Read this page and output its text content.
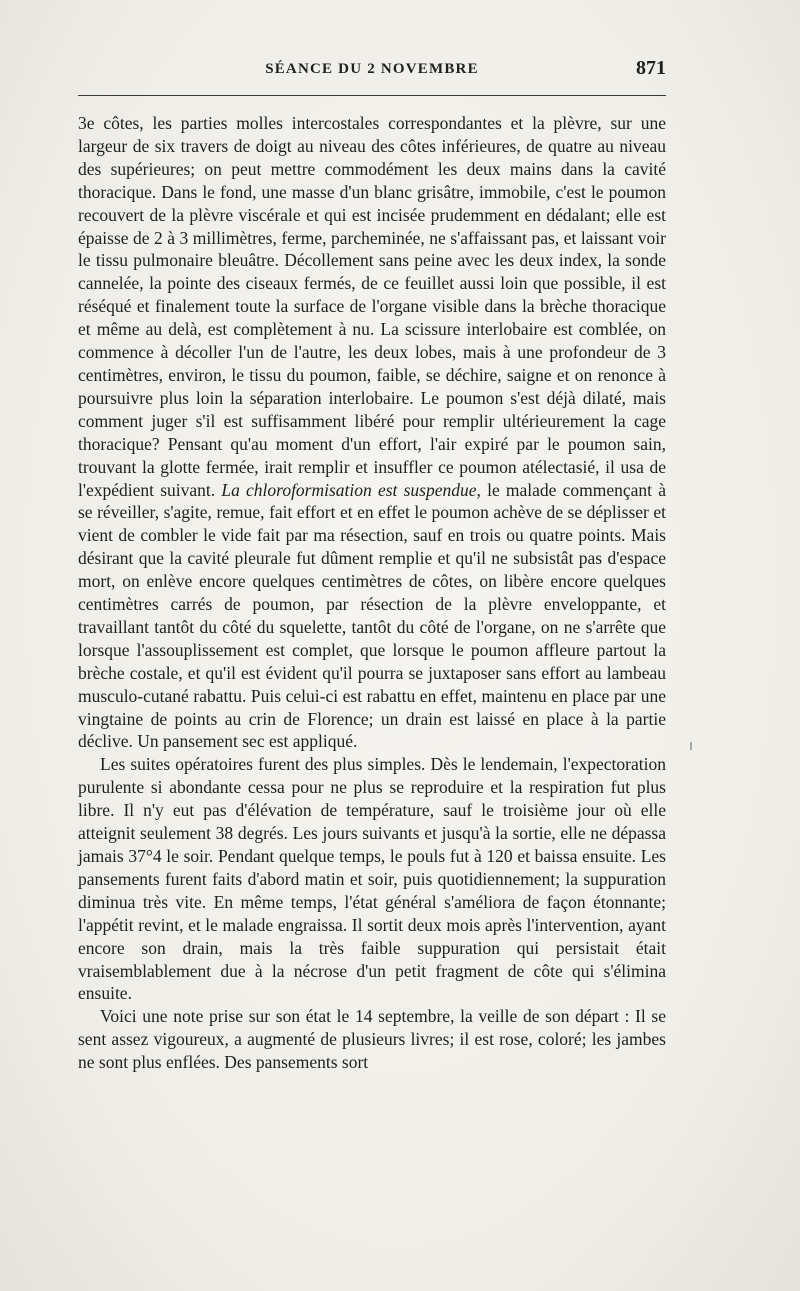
SÉANCE DU 2 NOVEMBRE	871

3e côtes, les parties molles intercostales correspondantes et la plèvre, sur une largeur de six travers de doigt au niveau des côtes inférieures, de quatre au niveau des supérieures; on peut mettre commodément les deux mains dans la cavité thoracique. Dans le fond, une masse d'un blanc grisâtre, immobile, c'est le poumon recouvert de la plèvre viscérale et qui est incisée prudemment en dédalant; elle est épaisse de 2 à 3 millimètres, ferme, parcheminée, ne s'affaissant pas, et laissant voir le tissu pulmonaire bleuâtre. Décollement sans peine avec les deux index, la sonde cannelée, la pointe des ciseaux fermés, de ce feuillet aussi loin que possible, il est réséqué et finalement toute la surface de l'organe visible dans la brèche thoracique et même au delà, est complètement à nu. La scissure interlobaire est comblée, on commence à décoller l'un de l'autre, les deux lobes, mais à une profondeur de 3 centimètres, environ, le tissu du poumon, faible, se déchire, saigne et on renonce à poursuivre plus loin la séparation interlobaire. Le poumon s'est déjà dilaté, mais comment juger s'il est suffisamment libéré pour remplir ultérieurement la cage thoracique? Pensant qu'au moment d'un effort, l'air expiré par le poumon sain, trouvant la glotte fermée, irait remplir et insuffler ce poumon atélectasié, il usa de l'expédient suivant. La chloroformisation est suspendue, le malade commençant à se réveiller, s'agite, remue, fait effort et en effet le poumon achève de se déplisser et vient de combler le vide fait par ma résection, sauf en trois ou quatre points. Mais désirant que la cavité pleurale fut dûment remplie et qu'il ne subsistât pas d'espace mort, on enlève encore quelques centimètres de côtes, on libère encore quelques centimètres carrés de poumon, par résection de la plèvre enveloppante, et travaillant tantôt du côté du squelette, tantôt du côté de l'organe, on ne s'arrête que lorsque l'assouplissement est complet, que lorsque le poumon affleure partout la brèche costale, et qu'il est évident qu'il pourra se juxtaposer sans effort au lambeau musculo-cutané rabattu. Puis celui-ci est rabattu en effet, maintenu en place par une vingtaine de points au crin de Florence; un drain est laissé en place à la partie déclive. Un pansement sec est appliqué.

Les suites opératoires furent des plus simples. Dès le lendemain, l'expectoration purulente si abondante cessa pour ne plus se reproduire et la respiration fut plus libre. Il n'y eut pas d'élévation de température, sauf le troisième jour où elle atteignit seulement 38 degrés. Les jours suivants et jusqu'à la sortie, elle ne dépassa jamais 37°4 le soir. Pendant quelque temps, le pouls fut à 120 et baissa ensuite. Les pansements furent faits d'abord matin et soir, puis quotidiennement; la suppuration diminua très vite. En même temps, l'état général s'améliora de façon étonnante; l'appétit revint, et le malade engraissa. Il sortit deux mois après l'intervention, ayant encore son drain, mais la très faible suppuration qui persistait était vraisemblablement due à la nécrose d'un petit fragment de côte qui s'élimina ensuite.

Voici une note prise sur son état le 14 septembre, la veille de son départ : Il se sent assez vigoureux, a augmenté de plusieurs livres; il est rose, coloré; les jambes ne sont plus enflées. Des pansements sort
